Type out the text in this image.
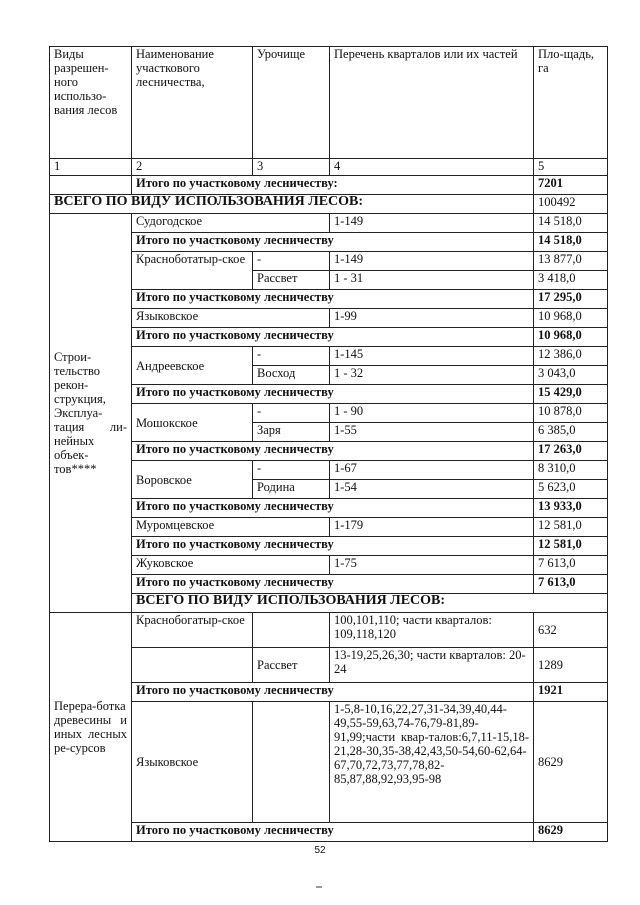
Виды разрешен-ного использо-вания лесов	Наименование участкового лесничества,	Урочище	Перечень кварталов или их частей	Пло-щадь, га	
1	2	3	4	5	
	Итого по участковому лесничеству:			7201	
ВСЕГО ПО ВИДУ ИСПОЛЬЗОВАНИЯ ЛЕСОВ:				100492	
Строи-тельство рекон-струкция, Эксплуа-тация ли-нейных объек-тов****	Судогодское		1-149	14 518,0	
	Итого по участковому лесничеству			14 518,0	
	Красноботатыр-ское	-	1-149	13 877,0	
		Рассвет	1 - 31	3 418,0	
	Итого по участковому лесничеству			17 295,0	
	Языковское		1-99	10 968,0	
	Итого по участковому лесничеству			10 968,0	
	Андреевское	-	1-145	12 386,0	
		Восход	1 - 32	3 043,0	
	Итого по участковому лесничеству			15 429,0	
	Мошокское	-	1 - 90	10 878,0	
		Заря	1-55	6 385,0	
	Итого по участковому лесничеству			17 263,0	
	Воровское	-	1-67	8 310,0	
		Родина	1-54	5 623,0	
	Итого по участковому лесничеству			13 933,0	
	Муромцевское		1-179	12 581,0	
	Итого по участковому лесничеству			12 581,0	
	Жуковское		1-75	7 613,0	
	Итого по участковому лесничеству			7 613,0	
	ВСЕГО ПО ВИДУ ИСПОЛЬЗОВАНИЯ ЛЕСОВ:	
Перера-ботка древесины и иных лесных ре-сурсов	Краснобогатыр-ское		100,101,110; части кварталов: 109,118,120	632	
		Рассвет	13-19,25,26,30; части кварталов: 20-24	1289	
	Итого по участковому лесничеству			1921	
	Языковское		1-5,8-10,16,22,27,31-34,39,40,44-49,55-59,63,74-76,79-81,89-91,99;части квар-талов:6,7,11-15,18-21,28-30,35-38,42,43,50-54,60-62,64-67,70,72,73,77,78,82-85,87,88,92,93,95-98	8629	
	Итого по участковому лесничеству			8629	
52
